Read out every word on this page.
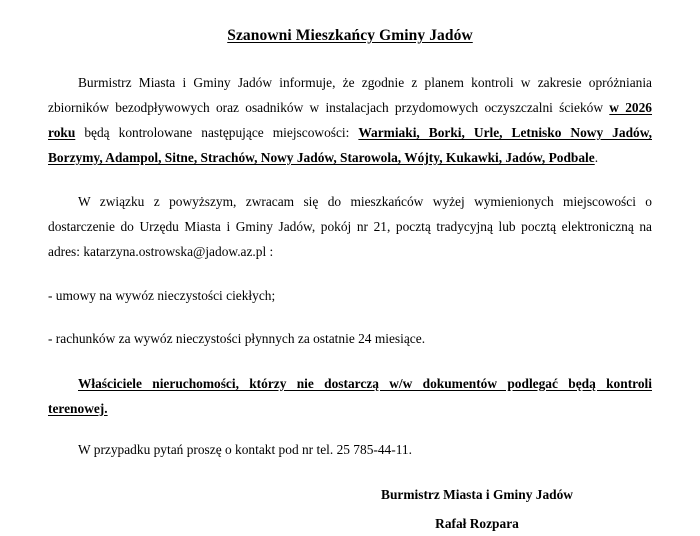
Szanowni Mieszkańcy Gminy Jadów

Burmistrz Miasta i Gminy Jadów informuje, że zgodnie z planem kontroli w zakresie opróżniania zbiorników bezodpływowych oraz osadników w instalacjach przydomowych oczyszczalni ścieków w 2026 roku będą kontrolowane następujące miejscowości: Warmiaki, Borki, Urle, Letnisko Nowy Jadów, Borzymy, Adampol, Sitne, Strachów, Nowy Jadów, Starowola, Wójty, Kukawki, Jadów, Podbale.

W związku z powyższym, zwracam się do mieszkańców wyżej wymienionych miejscowości o dostarczenie do Urzędu Miasta i Gminy Jadów, pokój nr 21, pocztą tradycyjną lub pocztą elektroniczną na adres: katarzyna.ostrowska@jadow.az.pl :

- umowy na wywóz nieczystości ciekłych;

- rachunków za wywóz nieczystości płynnych za ostatnie 24 miesiące.

Właściciele nieruchomości, którzy nie dostarczą w/w dokumentów podlegać będą kontroli terenowej.

W przypadku pytań proszę o kontakt pod nr tel. 25 785-44-11.

Burmistrz Miasta i Gminy Jadów
Rafał Rozpara
